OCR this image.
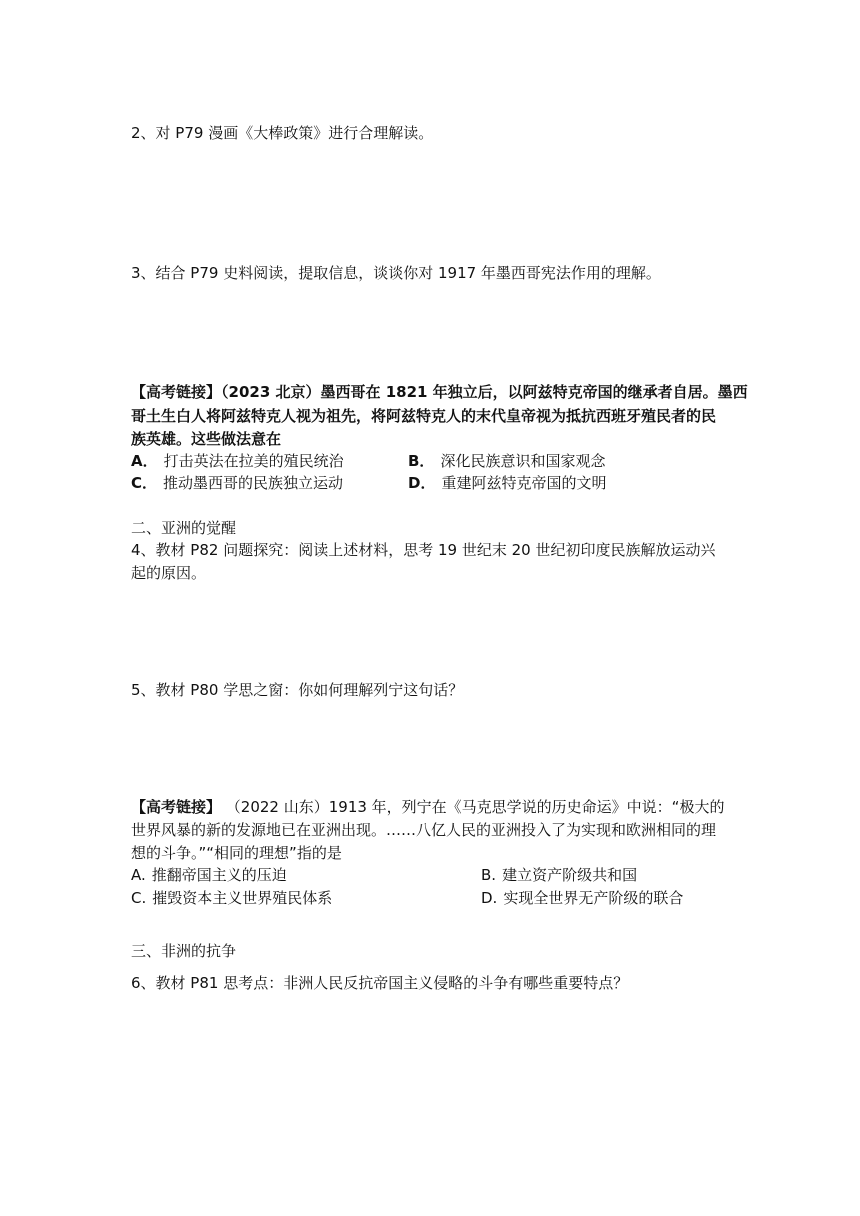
2、对 P79 漫画《大棒政策》进行合理解读。
3、结合 P79 史料阅读，提取信息，谈谈你对 1917 年墨西哥宪法作用的理解。
【高考链接】（2023 北京）墨西哥在 1821 年独立后，以阿兹特克帝国的继承者自居。墨西
哥土生白人将阿兹特克人视为祖先，将阿兹特克人的末代皇帝视为抵抗西班牙殖民者的民
族英雄。这些做法意在
A． 打击英法在拉美的殖民统治	B． 深化民族意识和国家观念
C． 推动墨西哥的民族独立运动	D． 重建阿兹特克帝国的文明
二、亚洲的觉醒
4、教材 P82 问题探究：阅读上述材料，思考 19 世纪末 20 世纪初印度民族解放运动兴
起的原因。
5、教材 P80 学思之窗：你如何理解列宁这句话？
【高考链接】 （2022 山东）1913 年，列宁在《马克思学说的历史命运》中说：“极大的
世界风暴的新的发源地已在亚洲出现。……八亿人民的亚洲投入了为实现和欧洲相同的理
想的斗争。”“相同的理想”指的是
A. 推翻帝国主义的压迫	B. 建立资产阶级共和国
C. 摧毁资本主义世界殖民体系	D. 实现全世界无产阶级的联合
三、非洲的抗争
6、教材 P81 思考点：非洲人民反抗帝国主义侵略的斗争有哪些重要特点？
